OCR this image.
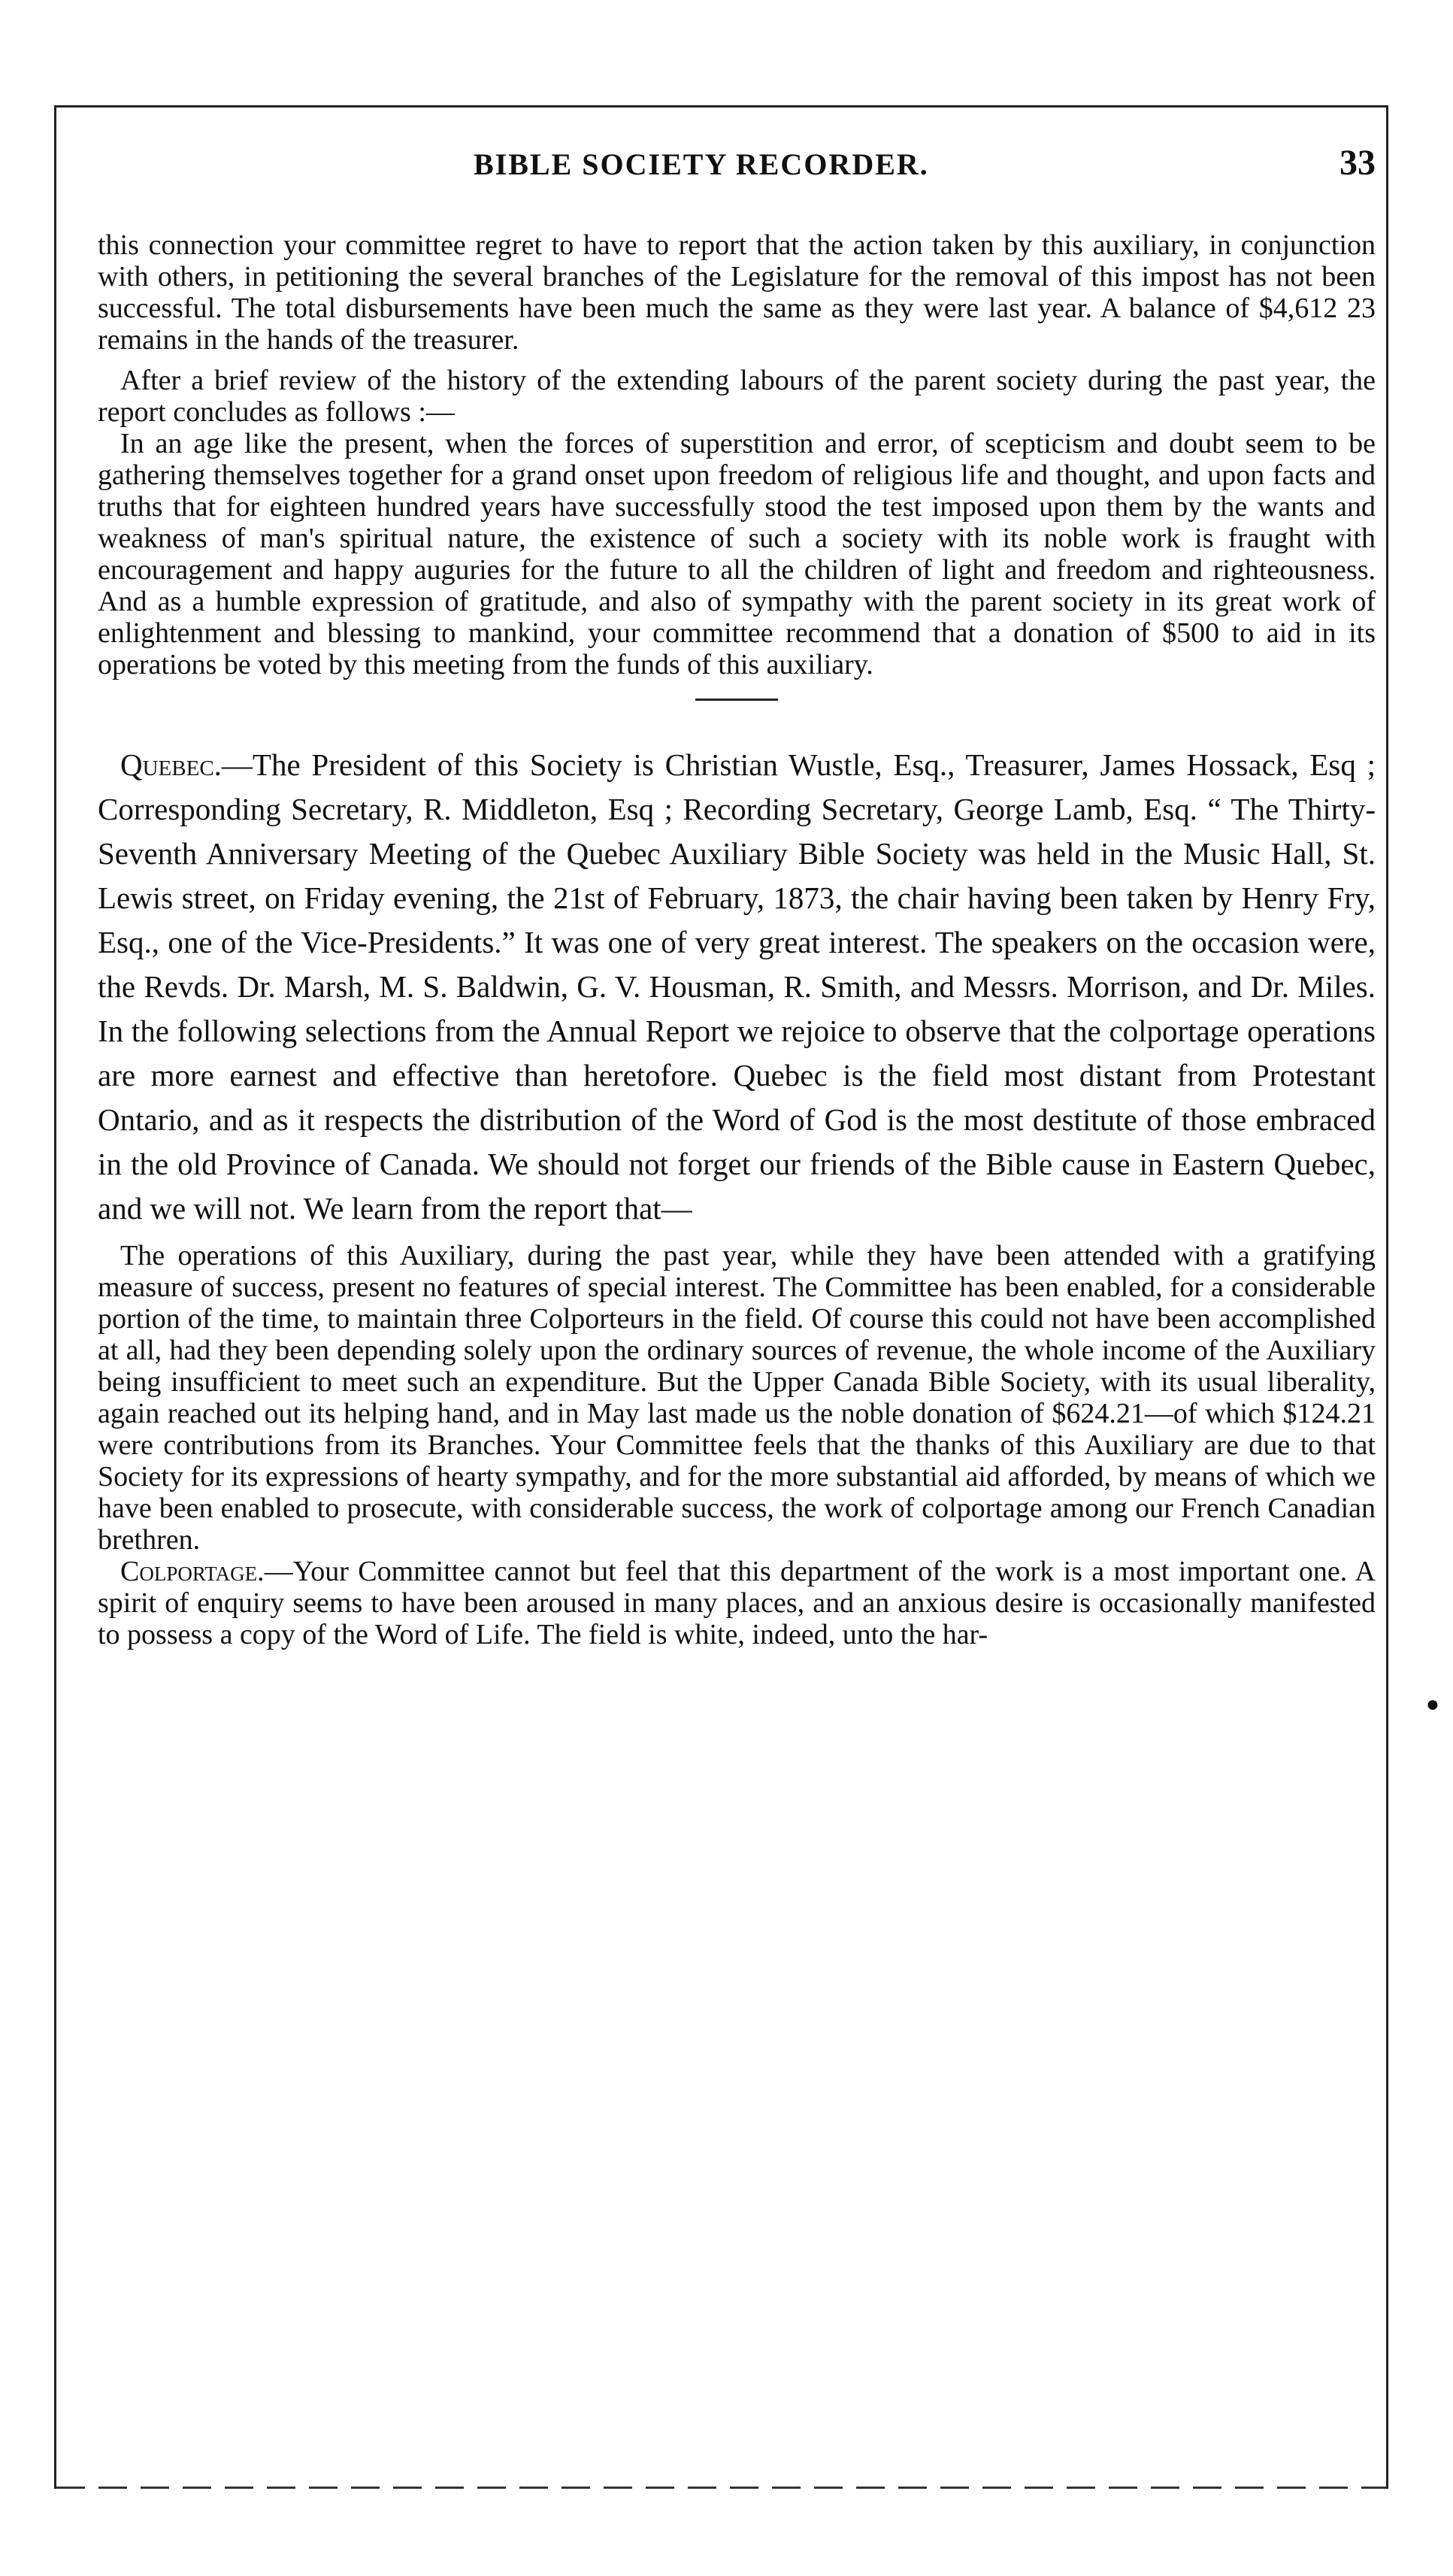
BIBLE SOCIETY RECORDER.	33

this connection your committee regret to have to report that the action taken by this auxiliary, in conjunction with others, in petitioning the several branches of the Legislature for the removal of this impost has not been successful. The total disbursements have been much the same as they were last year. A balance of $4,612 23 remains in the hands of the treasurer.

After a brief review of the history of the extending labours of the parent society during the past year, the report concludes as follows :—

In an age like the present, when the forces of superstition and error, of scepticism and doubt seem to be gathering themselves together for a grand onset upon freedom of religious life and thought, and upon facts and truths that for eighteen hundred years have successfully stood the test imposed upon them by the wants and weakness of man's spiritual nature, the existence of such a society with its noble work is fraught with encouragement and happy auguries for the future to all the children of light and freedom and righteousness. And as a humble expression of gratitude, and also of sympathy with the parent society in its great work of enlightenment and blessing to mankind, your committee recommend that a donation of $500 to aid in its operations be voted by this meeting from the funds of this auxiliary.

Quebec.—The President of this Society is Christian Wustle, Esq., Treasurer, James Hossack, Esq ; Corresponding Secretary, R. Middleton, Esq ; Recording Secretary, George Lamb, Esq. “ The Thirty-Seventh Anniversary Meeting of the Quebec Auxiliary Bible Society was held in the Music Hall, St. Lewis street, on Friday evening, the 21st of February, 1873, the chair having been taken by Henry Fry, Esq., one of the Vice-Presidents.” It was one of very great interest. The speakers on the occasion were, the Revds. Dr. Marsh, M. S. Baldwin, G. V. Housman, R. Smith, and Messrs. Morrison, and Dr. Miles. In the following selections from the Annual Report we rejoice to observe that the colportage operations are more earnest and effective than heretofore. Quebec is the field most distant from Protestant Ontario, and as it respects the distribution of the Word of God is the most destitute of those embraced in the old Province of Canada. We should not forget our friends of the Bible cause in Eastern Quebec, and we will not. We learn from the report that—

The operations of this Auxiliary, during the past year, while they have been attended with a gratifying measure of success, present no features of special interest. The Committee has been enabled, for a considerable portion of the time, to maintain three Colporteurs in the field. Of course this could not have been accomplished at all, had they been depending solely upon the ordinary sources of revenue, the whole income of the Auxiliary being insufficient to meet such an expenditure. But the Upper Canada Bible Society, with its usual liberality, again reached out its helping hand, and in May last made us the noble donation of $624.21—of which $124.21 were contributions from its Branches. Your Committee feels that the thanks of this Auxiliary are due to that Society for its expressions of hearty sympathy, and for the more substantial aid afforded, by means of which we have been enabled to prosecute, with considerable success, the work of colportage among our French Canadian brethren.

Colportage.—Your Committee cannot but feel that this department of the work is a most important one. A spirit of enquiry seems to have been aroused in many places, and an anxious desire is occasionally manifested to possess a copy of the Word of Life. The field is white, indeed, unto the har-

●
